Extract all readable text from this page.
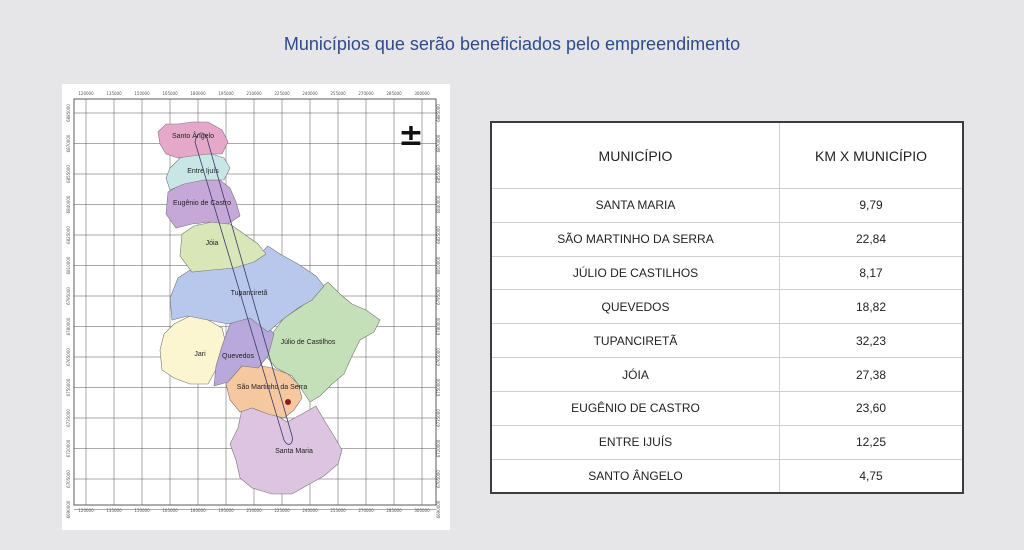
Municípios que serão beneficiados pelo empreendimento
120000	135000	150000	165000	180000	195000	210000	225000	240000	255000	270000	285000	300000
120000	135000	150000	165000	180000	195000	210000	225000	240000	255000	270000	285000	300000
6885000
6870000
6855000
6840000
6825000
6810000
6795000
6780000
6765000
6750000
6735000
6720000
6705000
6690000
6885000
6870000
6855000
6840000
6825000
6810000
6795000
6780000
6765000
6750000
6735000
6720000
6705000
6690000
Santo Ângelo
Entre Ijuís
Eugênio de Castro
Jóia
Tupanciretã
Júlio de Castilhos
Jari Quevedos
São Martinho da Serra
Santa Maria
±
MUNICÍPIO	KM X MUNICÍPIO
SANTA MARIA	9,79
SÃO MARTINHO DA SERRA	22,84
JÚLIO DE CASTILHOS	8,17
QUEVEDOS	18,82
TUPANCIRETÃ	32,23
JÓIA	27,38
EUGÊNIO DE CASTRO	23,60
ENTRE IJUÍS	12,25
SANTO ÂNGELO	4,75
